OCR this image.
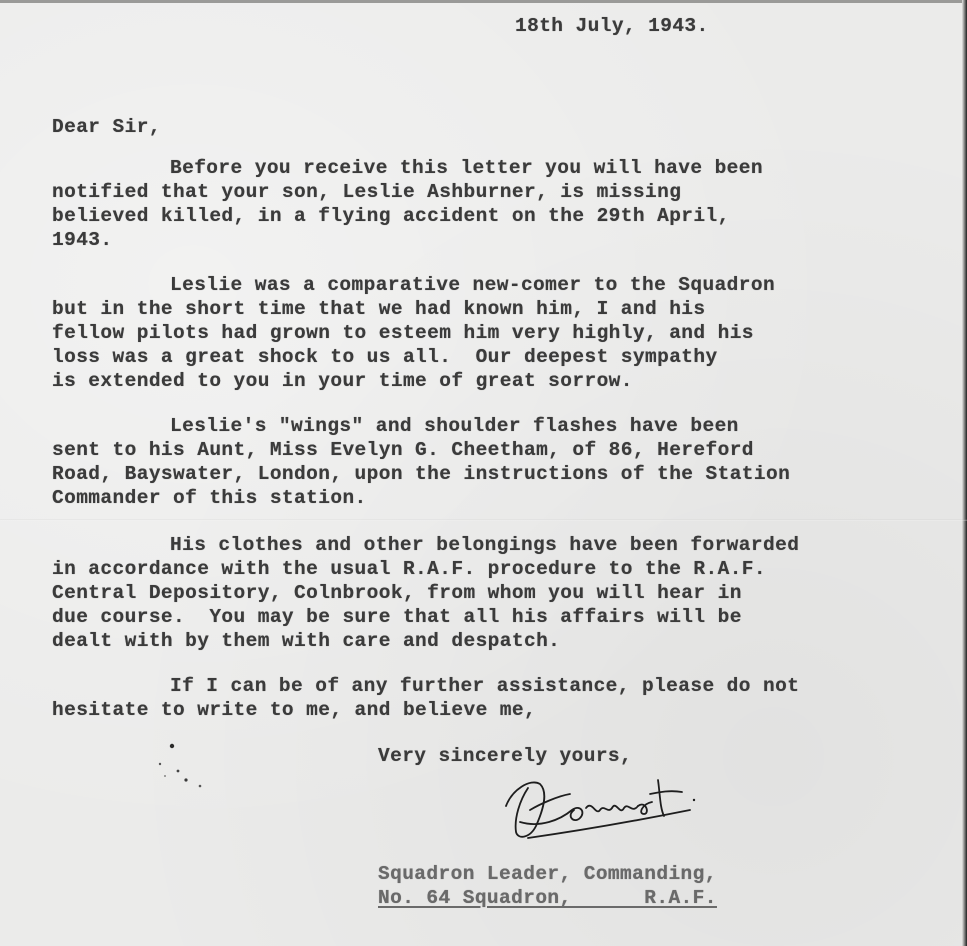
18th July, 1943.
Dear Sir,
Before you receive this letter you will have been
notified that your son, Leslie Ashburner, is missing
believed killed, in a flying accident on the 29th April,
1943.
Leslie was a comparative new-comer to the Squadron
but in the short time that we had known him, I and his
fellow pilots had grown to esteem him very highly, and his
loss was a great shock to us all.  Our deepest sympathy
is extended to you in your time of great sorrow.
Leslie's "wings" and shoulder flashes have been
sent to his Aunt, Miss Evelyn G. Cheetham, of 86, Hereford
Road, Bayswater, London, upon the instructions of the Station
Commander of this station.
His clothes and other belongings have been forwarded
in accordance with the usual R.A.F. procedure to the R.A.F.
Central Depository, Colnbrook, from whom you will hear in
due course.  You may be sure that all his affairs will be
dealt with by them with care and despatch.
If I can be of any further assistance, please do not
hesitate to write to me, and believe me,
Very sincerely yours,
Squadron Leader, Commanding,
No. 64 Squadron,      R.A.F.
